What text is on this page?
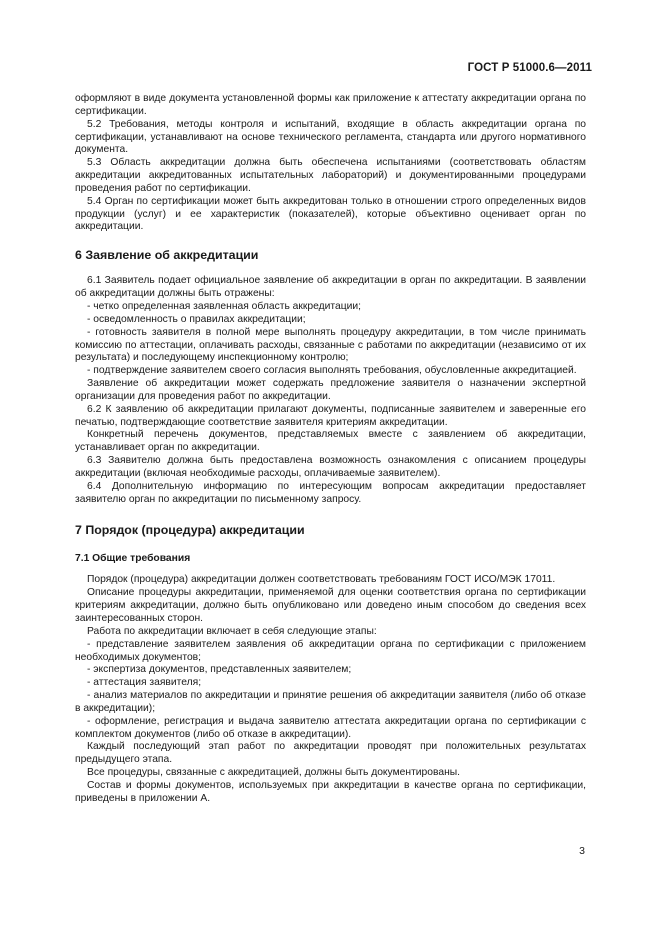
ГОСТ Р 51000.6—2011

оформляют в виде документа установленной формы как приложение к аттестату аккредитации органа по сертификации.

5.2 Требования, методы контроля и испытаний, входящие в область аккредитации органа по сертификации, устанавливают на основе технического регламента, стандарта или другого нормативного документа.

5.3 Область аккредитации должна быть обеспечена испытаниями (соответствовать областям аккредитации аккредитованных испытательных лабораторий) и документированными процедурами проведения работ по сертификации.

5.4 Орган по сертификации может быть аккредитован только в отношении строго определенных видов продукции (услуг) и ее характеристик (показателей), которые объективно оценивает орган по аккредитации.

6 Заявление об аккредитации

6.1 Заявитель подает официальное заявление об аккредитации в орган по аккредитации. В заявлении об аккредитации должны быть отражены:

- четко определенная заявленная область аккредитации;

- осведомленность о правилах аккредитации;

- готовность заявителя в полной мере выполнять процедуру аккредитации, в том числе принимать комиссию по аттестации, оплачивать расходы, связанные с работами по аккредитации (независимо от их результата) и последующему инспекционному контролю;

- подтверждение заявителем своего согласия выполнять требования, обусловленные аккредитацией.

Заявление об аккредитации может содержать предложение заявителя о назначении экспертной организации для проведения работ по аккредитации.

6.2 К заявлению об аккредитации прилагают документы, подписанные заявителем и заверенные его печатью, подтверждающие соответствие заявителя критериям аккредитации.

Конкретный перечень документов, представляемых вместе с заявлением об аккредитации, устанавливает орган по аккредитации.

6.3 Заявителю должна быть предоставлена возможность ознакомления с описанием процедуры аккредитации (включая необходимые расходы, оплачиваемые заявителем).

6.4 Дополнительную информацию по интересующим вопросам аккредитации предоставляет заявителю орган по аккредитации по письменному запросу.

7 Порядок (процедура) аккредитации
7.1 Общие требования

Порядок (процедура) аккредитации должен соответствовать требованиям ГОСТ ИСО/МЭК 17011.

Описание процедуры аккредитации, применяемой для оценки соответствия органа по сертификации критериям аккредитации, должно быть опубликовано или доведено иным способом до сведения всех заинтересованных сторон.

Работа по аккредитации включает в себя следующие этапы:

- представление заявителем заявления об аккредитации органа по сертификации с приложением необходимых документов;

- экспертиза документов, представленных заявителем;

- аттестация заявителя;

- анализ материалов по аккредитации и принятие решения об аккредитации заявителя (либо об отказе в аккредитации);

- оформление, регистрация и выдача заявителю аттестата аккредитации органа по сертификации с комплектом документов (либо об отказе в аккредитации).

Каждый последующий этап работ по аккредитации проводят при положительных результатах предыдущего этапа.

Все процедуры, связанные с аккредитацией, должны быть документированы.

Состав и формы документов, используемых при аккредитации в качестве органа по сертификации, приведены в приложении А.

3
